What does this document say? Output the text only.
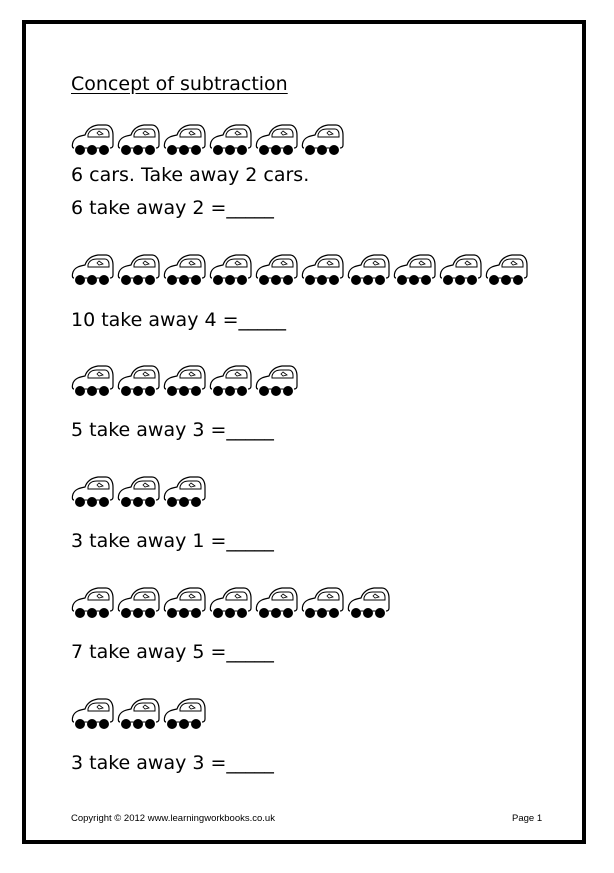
Concept of subtraction
6 cars. Take away 2 cars.
6 take away 2 =_____
10 take away 4 =_____
5 take away 3 =_____
3 take away 1 =_____
7 take away 5 =_____
3 take away 3 =_____
Copyright © 2012 www.learningworkbooks.co.uk	Page 1
